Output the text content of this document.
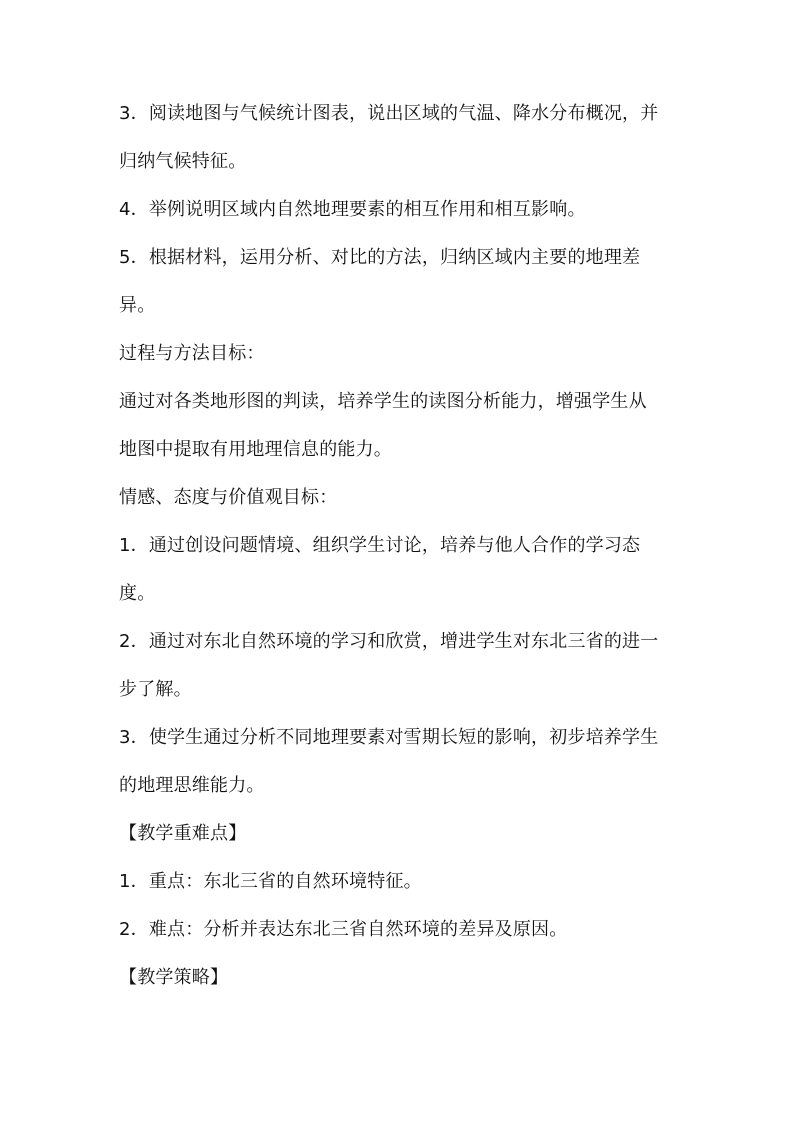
3．阅读地图与气候统计图表，说出区域的气温、降水分布概况，并
归纳气候特征。
4．举例说明区域内自然地理要素的相互作用和相互影响。
5．根据材料，运用分析、对比的方法，归纳区域内主要的地理差
异。
过程与方法目标：
通过对各类地形图的判读，培养学生的读图分析能力，增强学生从
地图中提取有用地理信息的能力。
情感、态度与价值观目标：
1．通过创设问题情境、组织学生讨论，培养与他人合作的学习态
度。
2．通过对东北自然环境的学习和欣赏，增进学生对东北三省的进一
步了解。
3．使学生通过分析不同地理要素对雪期长短的影响，初步培养学生
的地理思维能力。
【教学重难点】
1．重点：东北三省的自然环境特征。
2．难点：分析并表达东北三省自然环境的差异及原因。
【教学策略】
